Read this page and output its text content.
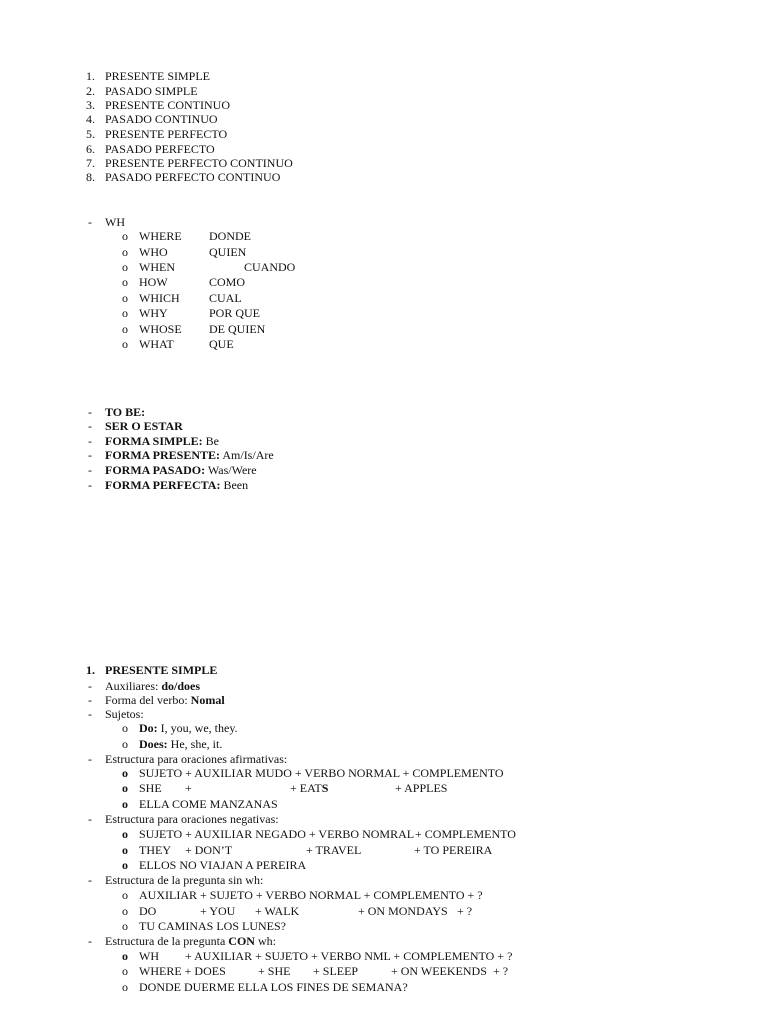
1. PRESENTE SIMPLE
2. PASADO SIMPLE
3. PRESENTE CONTINUO
4. PASADO CONTINUO
5. PRESENTE PERFECTO
6. PASADO PERFECTO
7. PRESENTE PERFECTO CONTINUO
8. PASADO PERFECTO CONTINUO
- WH
o WHERE DONDE
o WHO	QUIEN
o WHEN	CUANDO
o HOW	COMO
o WHICH CUAL
o WHY	POR QUE
o WHOSE DE QUIEN
o WHAT	QUE
- TO BE:
- SER O ESTAR
- FORMA SIMPLE: Be
- FORMA PRESENTE: Am/Is/Are
- FORMA PASADO: Was/Were
- FORMA PERFECTA: Been
1. PRESENTE SIMPLE
- Auxiliares: do/does
- Forma del verbo: Nomal
- Sujetos:
o Do: I, you, we, they.
o Does: He, she, it.
- Estructura para oraciones afirmativas:
o SUJETO + AUXILIAR MUDO + VERBO NORMAL + COMPLEMENTO
o SHE +	+ EATS	+ APPLES
o ELLA COME MANZANAS
- Estructura para oraciones negativas:
o SUJETO + AUXILIAR NEGADO + VERBO NOMRAL + COMPLEMENTO
o THEY + DON’T	+ TRAVEL	+ TO PEREIRA
o ELLOS NO VIAJAN A PEREIRA
- Estructura de la pregunta sin wh:
o AUXILIAR + SUJETO + VERBO NORMAL + COMPLEMENTO + ?
o DO	+ YOU + WALK	+ ON MONDAYS + ?
o TU CAMINAS LOS LUNES?
- Estructura de la pregunta CON wh:
o WH + AUXILIAR + SUJETO + VERBO NML + COMPLEMENTO + ?
o WHERE + DOES	+ SHE + SLEEP	+ ON WEEKENDS + ?
o DONDE DUERME ELLA LOS FINES DE SEMANA?
